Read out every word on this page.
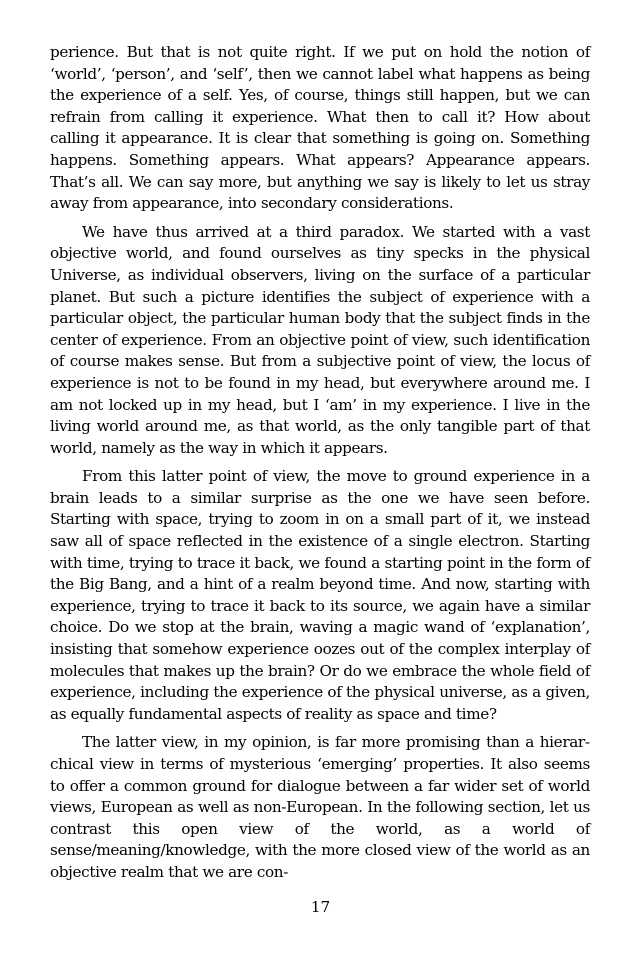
perience. But that is not quite right. If we put on hold the notion of ‘world’, ‘person’, and ‘self’, then we cannot label what happens as being the experience of a self. Yes, of course, things still happen, but we can refrain from calling it experience. What then to call it? How about calling it appearance. It is clear that something is going on. Something happens. Something appears. What appears? Appearance appears. That’s all. We can say more, but anything we say is likely to let us stray away from appearance, into secondary considerations.

We have thus arrived at a third paradox. We started with a vast objective world, and found ourselves as tiny specks in the physical Universe, as individual observers, living on the surface of a particular planet. But such a picture identifies the subject of experience with a particular object, the particular human body that the subject finds in the center of experience. From an objective point of view, such identification of course makes sense. But from a subjective point of view, the locus of experience is not to be found in my head, but everywhere around me. I am not locked up in my head, but I ‘am’ in my experience. I live in the living world around me, as that world, as the only tangible part of that world, namely as the way in which it appears.

From this latter point of view, the move to ground experience in a brain leads to a similar surprise as the one we have seen before. Starting with space, trying to zoom in on a small part of it, we instead saw all of space reflected in the existence of a single electron. Starting with time, trying to trace it back, we found a starting point in the form of the Big Bang, and a hint of a realm beyond time. And now, starting with experience, trying to trace it back to its source, we again have a similar choice. Do we stop at the brain, waving a magic wand of ‘explanation’, insisting that somehow experience oozes out of the complex interplay of molecules that makes up the brain? Or do we embrace the whole field of experience, including the experience of the physical universe, as a given, as equally fundamental aspects of reality as space and time?

The latter view, in my opinion, is far more promising than a hierarchical view in terms of mysterious ‘emerging’ properties. It also seems to offer a common ground for dialogue between a far wider set of world views, European as well as non-European. In the following section, let us contrast this open view of the world, as a world of sense/meaning/knowledge, with the more closed view of the world as an objective realm that we are con-

17
